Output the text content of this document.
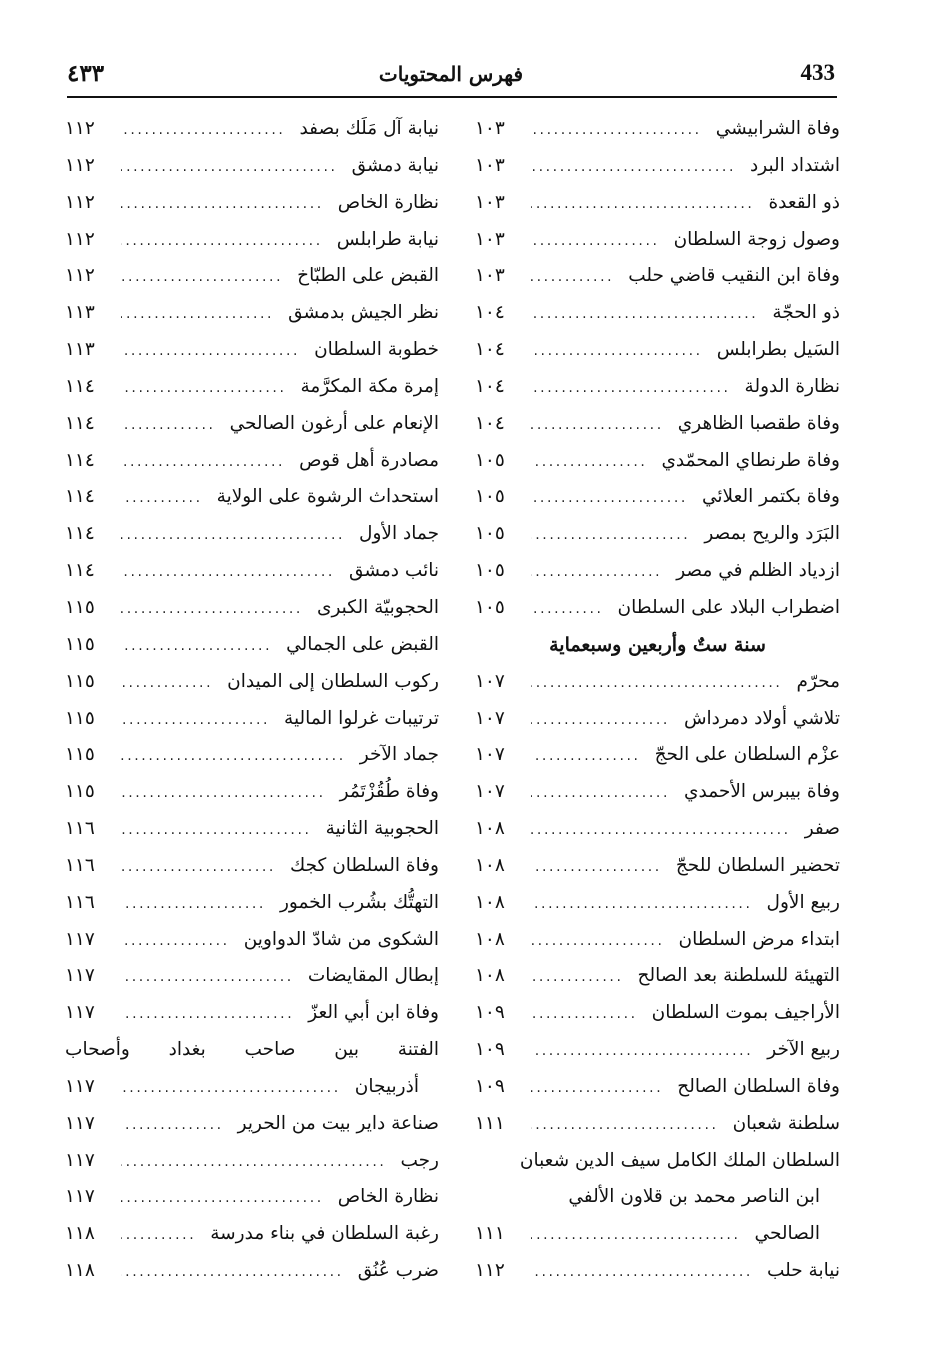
٤٣٣	فهرس المحتويات	433
وفاة الشرابيشي
.....
١٠٣
اشتداد البرد
.....
١٠٣
ذو القعدة
.....
١٠٣
وصول زوجة السلطان
.....
١٠٣
وفاة ابن النقيب قاضي حلب
.....
١٠٣
ذو الحجّة
.....
١٠٤
السَيل بطرابلس
.....
١٠٤
نظارة الدولة
.....
١٠٤
وفاة طقصبا الظاهري
.....
١٠٤
وفاة طرنطاي المحمّدي
.....
١٠٥
وفاة بكتمر العلائي
.....
١٠٥
البَرَد والريح بمصر
.....
١٠٥
ازدياد الظلم في مصر
.....
١٠٥
اضطراب البلاد على السلطان
.....
١٠٥
سنة ستٌ وأربعين وسبعماية
محرّم
.....
١٠٧
تلاشي أولاد دمرداش
.....
١٠٧
عزْم السلطان على الحجّ
.....
١٠٧
وفاة بيبرس الأحمدي
.....
١٠٧
صفر
.....
١٠٨
تحضير السلطان للحجّ
.....
١٠٨
ربيع الأول
.....
١٠٨
ابتداء مرض السلطان
.....
١٠٨
التهيئة للسلطنة بعد الصالح
.....
١٠٨
الأراجيف بموت السلطان
.....
١٠٩
ربيع الآخر
.....
١٠٩
وفاة السلطان الصالح
.....
١٠٩
سلطنة شعبان
.....
١١١
السلطان الملك الكامل سيف الدين شعبان
ابن الناصر محمد بن قلاون الألفي
الصالحي
.....
١١١
نيابة حلب
.....
١١٢
نيابة آل مَلَك بصفد
.....
١١٢
نيابة دمشق
.....
١١٢
نظارة الخاص
.....
١١٢
نيابة طرابلس
.....
١١٢
القبض على الطبّاخ
.....
١١٢
نظر الجيش بدمشق
.....
١١٣
خطوبة السلطان
.....
١١٣
إمرة مكة المكرَّمة
.....
١١٤
الإنعام على أرغون الصالحي
.....
١١٤
مصادرة أهل قوص
.....
١١٤
استحداث الرشوة على الولاية
.....
١١٤
جماد الأول
.....
١١٤
نائب دمشق
.....
١١٤
الحجوبيّة الكبرى
.....
١١٥
القبض على الجمالي
.....
١١٥
ركوب السلطان إلى الميدان
.....
١١٥
ترتيبات غرلوا المالية
.....
١١٥
جماد الآخر
.....
١١٥
وفاة طُقُزْتَمُر
.....
١١٥
الحجوبية الثانية
.....
١١٦
وفاة السلطان كجك
.....
١١٦
التهتُّك بشُرب الخمور
.....
١١٦
الشكوى من شادّ الدواوين
.....
١١٧
إبطال المقايضات
.....
١١٧
وفاة ابن أبي العزّ
.....
١١٧
الفتنة
بين
صاحب
بغداد
وأصحاب
أذربيجان
.....
١١٧
صناعة داير بيت من الحرير
.....
١١٧
رجب
.....
١١٧
نظارة الخاص
.....
١١٧
رغبة السلطان في بناء مدرسة
.....
١١٨
ضرب عُنُق
.....
١١٨
